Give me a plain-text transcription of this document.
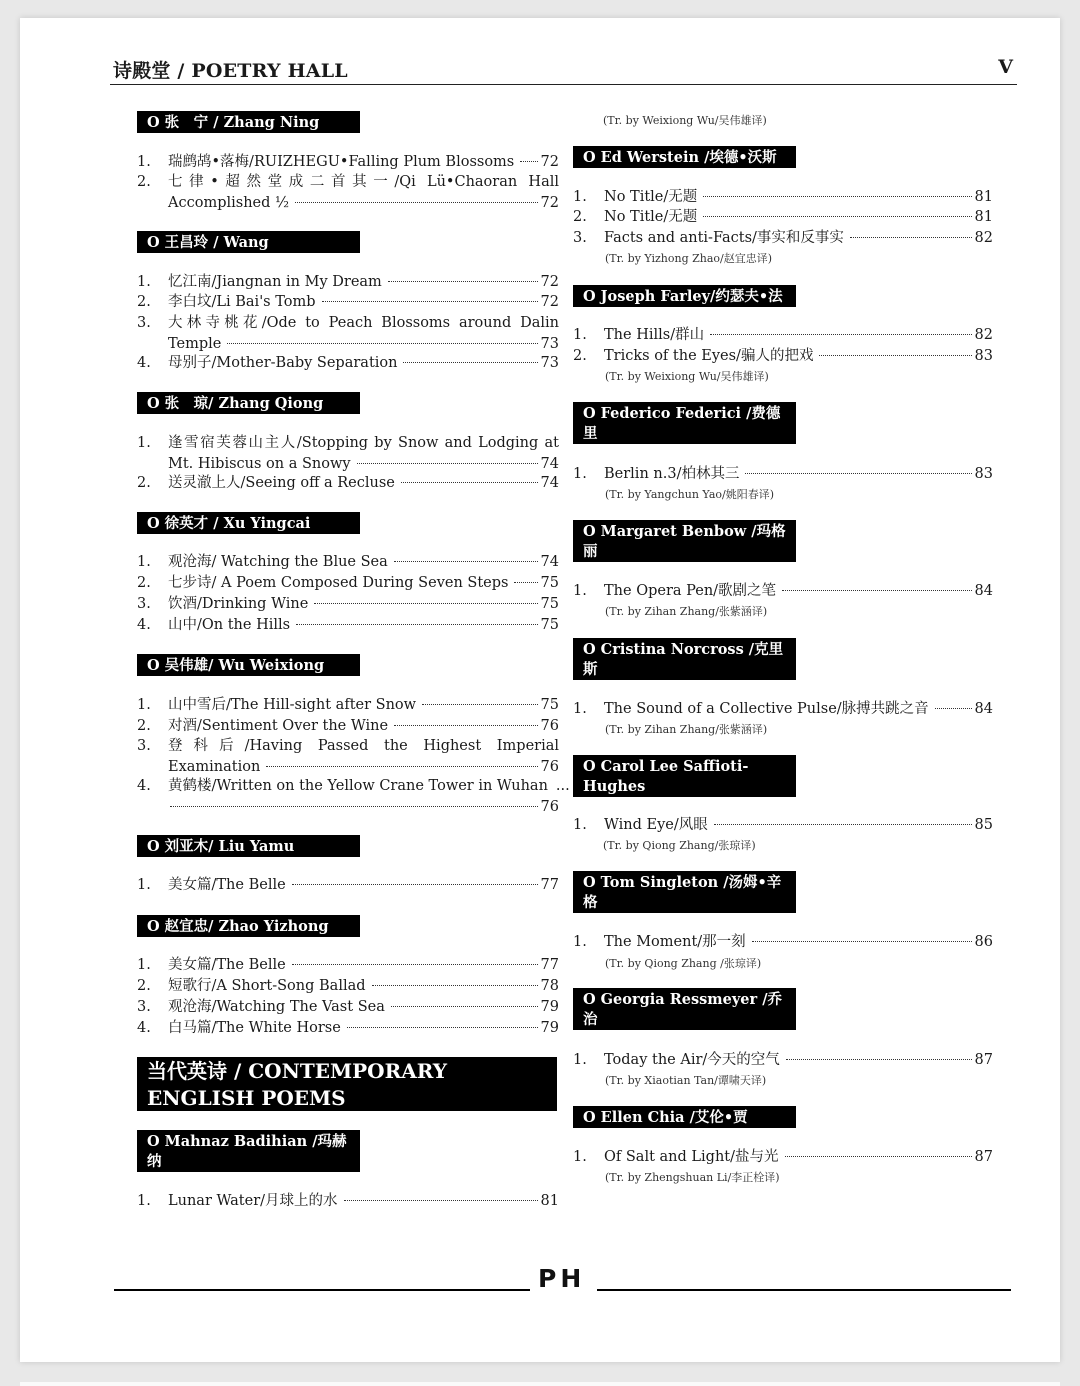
诗殿堂 / POETRY HALL	V
O 张　宁 / Zhang Ning
1.	瑞鹧鸪•落梅/RUIZHEGU•Falling Plum Blossoms 72
2.	七律•超然堂成二首其一/Qi Lü•Chaoran Hall
Accomplished ½	72
O 王昌玲 / Wang Changling
1.	忆江南/Jiangnan in My Dream	72
2.	李白坟/Li Bai's Tomb	72
3.	大林寺桃花/Ode to Peach Blossoms around Dalin
Temple	73
4.	母别子/Mother-Baby Separation	73
O 张　琼/ Zhang Qiong
1.	逢雪宿芙蓉山主人/Stopping by Snow and Lodging at
Mt. Hibiscus on a Snowy	74
2.	送灵澈上人/Seeing off a Recluse	74
O 徐英才 / Xu Yingcai
1.	观沧海/ Watching the Blue Sea	74
2.	七步诗/ A Poem Composed During Seven Steps 75
3.	饮酒/Drinking Wine	75
4.	山中/On the Hills	75
O 吴伟雄/ Wu Weixiong
1.	山中雪后/The Hill-sight after Snow	75
2.	对酒/Sentiment Over the Wine	76
3.	登科后/Having Passed the Highest Imperial
Examination	76
4.	黄鹤楼/Written on the Yellow Crane Tower in Wuhan ...
76
O 刘亚木/ Liu Yamu
1.	美女篇/The Belle	77
O 赵宜忠/ Zhao Yizhong
1.	美女篇/The Belle	77
2.	短歌行/A Short-Song Ballad	78
3.	观沧海/Watching The Vast Sea	79
4.	白马篇/The White Horse	79
当代英诗 / CONTEMPORARY ENGLISH POEMS
O Mahnaz Badihian /玛赫纳
兹•巴迪希安
1.	Lunar Water/月球上的水	81
(Tr. by Weixiong Wu/吴伟雄译)
O Ed Werstein /埃德•沃斯坦
1.	No Title/无题	81
2.	No Title/无题	81
3.	Facts and anti-Facts/事实和反事实	82
(Tr. by Yizhong Zhao/赵宜忠译)
O Joseph Farley/约瑟夫•法利
1.	The Hills/群山	82
2.	Tricks of the Eyes/骗人的把戏	83
(Tr. by Weixiong Wu/吴伟雄译)
O Federico Federici /费德里
科•费德里奇
1.	Berlin n.3/柏林其三	83
(Tr. by Yangchun Yao/姚阳春译)
O Margaret Benbow /玛格丽
特•本博
1.	The Opera Pen/歌剧之笔	84
(Tr. by Zihan Zhang/张紫涵译)
O Cristina Norcross /克里斯
蒂娜•诺克罗斯
1.	The Sound of a Collective Pulse/脉搏共跳之音	84
(Tr. by Zihan Zhang/张紫涵译)
O Carol Lee Saffioti-Hughes
/卡罗尔•李•萨菲奥蒂•休斯
1.	Wind Eye/风眼	85
(Tr. by Qiong Zhang/张琼译)
O Tom Singleton /汤姆•辛格
尔顿
1.	The Moment/那一刻	86
(Tr. by Qiong Zhang /张琼译)
O Georgia Ressmeyer /乔治
亚•雷斯梅尔
1.	Today the Air/今天的空气	87
(Tr. by Xiaotian Tan/谭啸天译)
O Ellen Chia /艾伦•贾
1.	Of Salt and Light/盐与光	87
(Tr. by Zhengshuan Li/李正栓译)
PH
